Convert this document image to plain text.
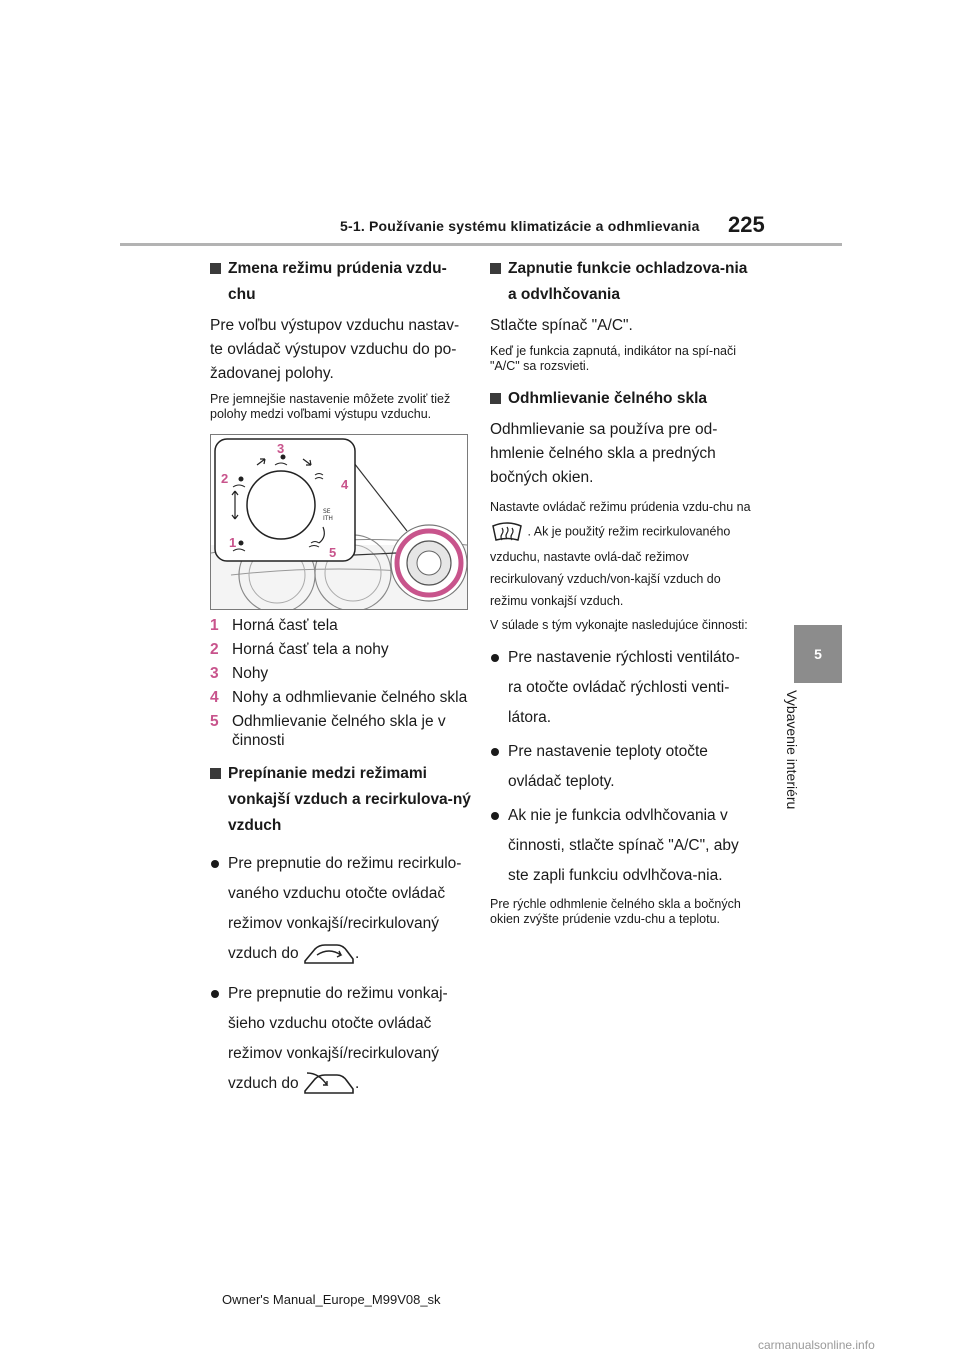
5-1. Používanie systému klimatizácie a odhmlievania 225
5
Vybavenie interiéru
Zmena režimu prúdenia vzdu-chu
Pre voľbu výstupov vzduchu nastav-te ovládač výstupov vzduchu do po-žadovanej polohy.
Pre jemnejšie nastavenie môžete zvoliť tiež polohy medzi voľbami výstupu vzduchu.
SE ITH
3
2	4
1
5
1 Horná časť tela
2 Horná časť tela a nohy
3 Nohy
4 Nohy a odhmlievanie čelného skla
5 Odhmlievanie čelného skla je v činnosti
Prepínanie medzi režimami vonkajší vzduch a recirkulova-ný vzduch
Pre prepnutie do režimu recirkulo-vaného vzduchu otočte ovládač režimov vonkajší/recirkulovaný vzduch do	.
Pre prepnutie do režimu vonkaj-šieho vzduchu otočte ovládač režimov vonkajší/recirkulovaný vzduch do	.
Zapnutie funkcie ochladzova-nia a odvlhčovania
Stlačte spínač "A/C".
Keď je funkcia zapnutá, indikátor na spí-nači "A/C" sa rozsvieti.
Odhmlievanie čelného skla
Odhmlievanie sa používa pre od-hmlenie čelného skla a predných bočných okien.
Nastavte ovládač režimu prúdenia vzdu-chu na  . Ak je použitý režim recirkulovaného vzduchu, nastavte ovlá-dač režimov recirkulovaný vzduch/von-kajší vzduch do režimu vonkajší vzduch.
V súlade s tým vykonajte nasledujúce činnosti:
Pre nastavenie rýchlosti ventiláto-ra otočte ovládač rýchlosti venti-látora.
Pre nastavenie teploty otočte ovládač teploty.
Ak nie je funkcia odvlhčovania v činnosti, stlačte spínač "A/C", aby ste zapli funkciu odvlhčova-nia.
Pre rýchle odhmlenie čelného skla a bočných okien zvýšte prúdenie vzdu-chu a teplotu.
Owner's Manual_Europe_M99V08_sk
carmanualsonline.info
